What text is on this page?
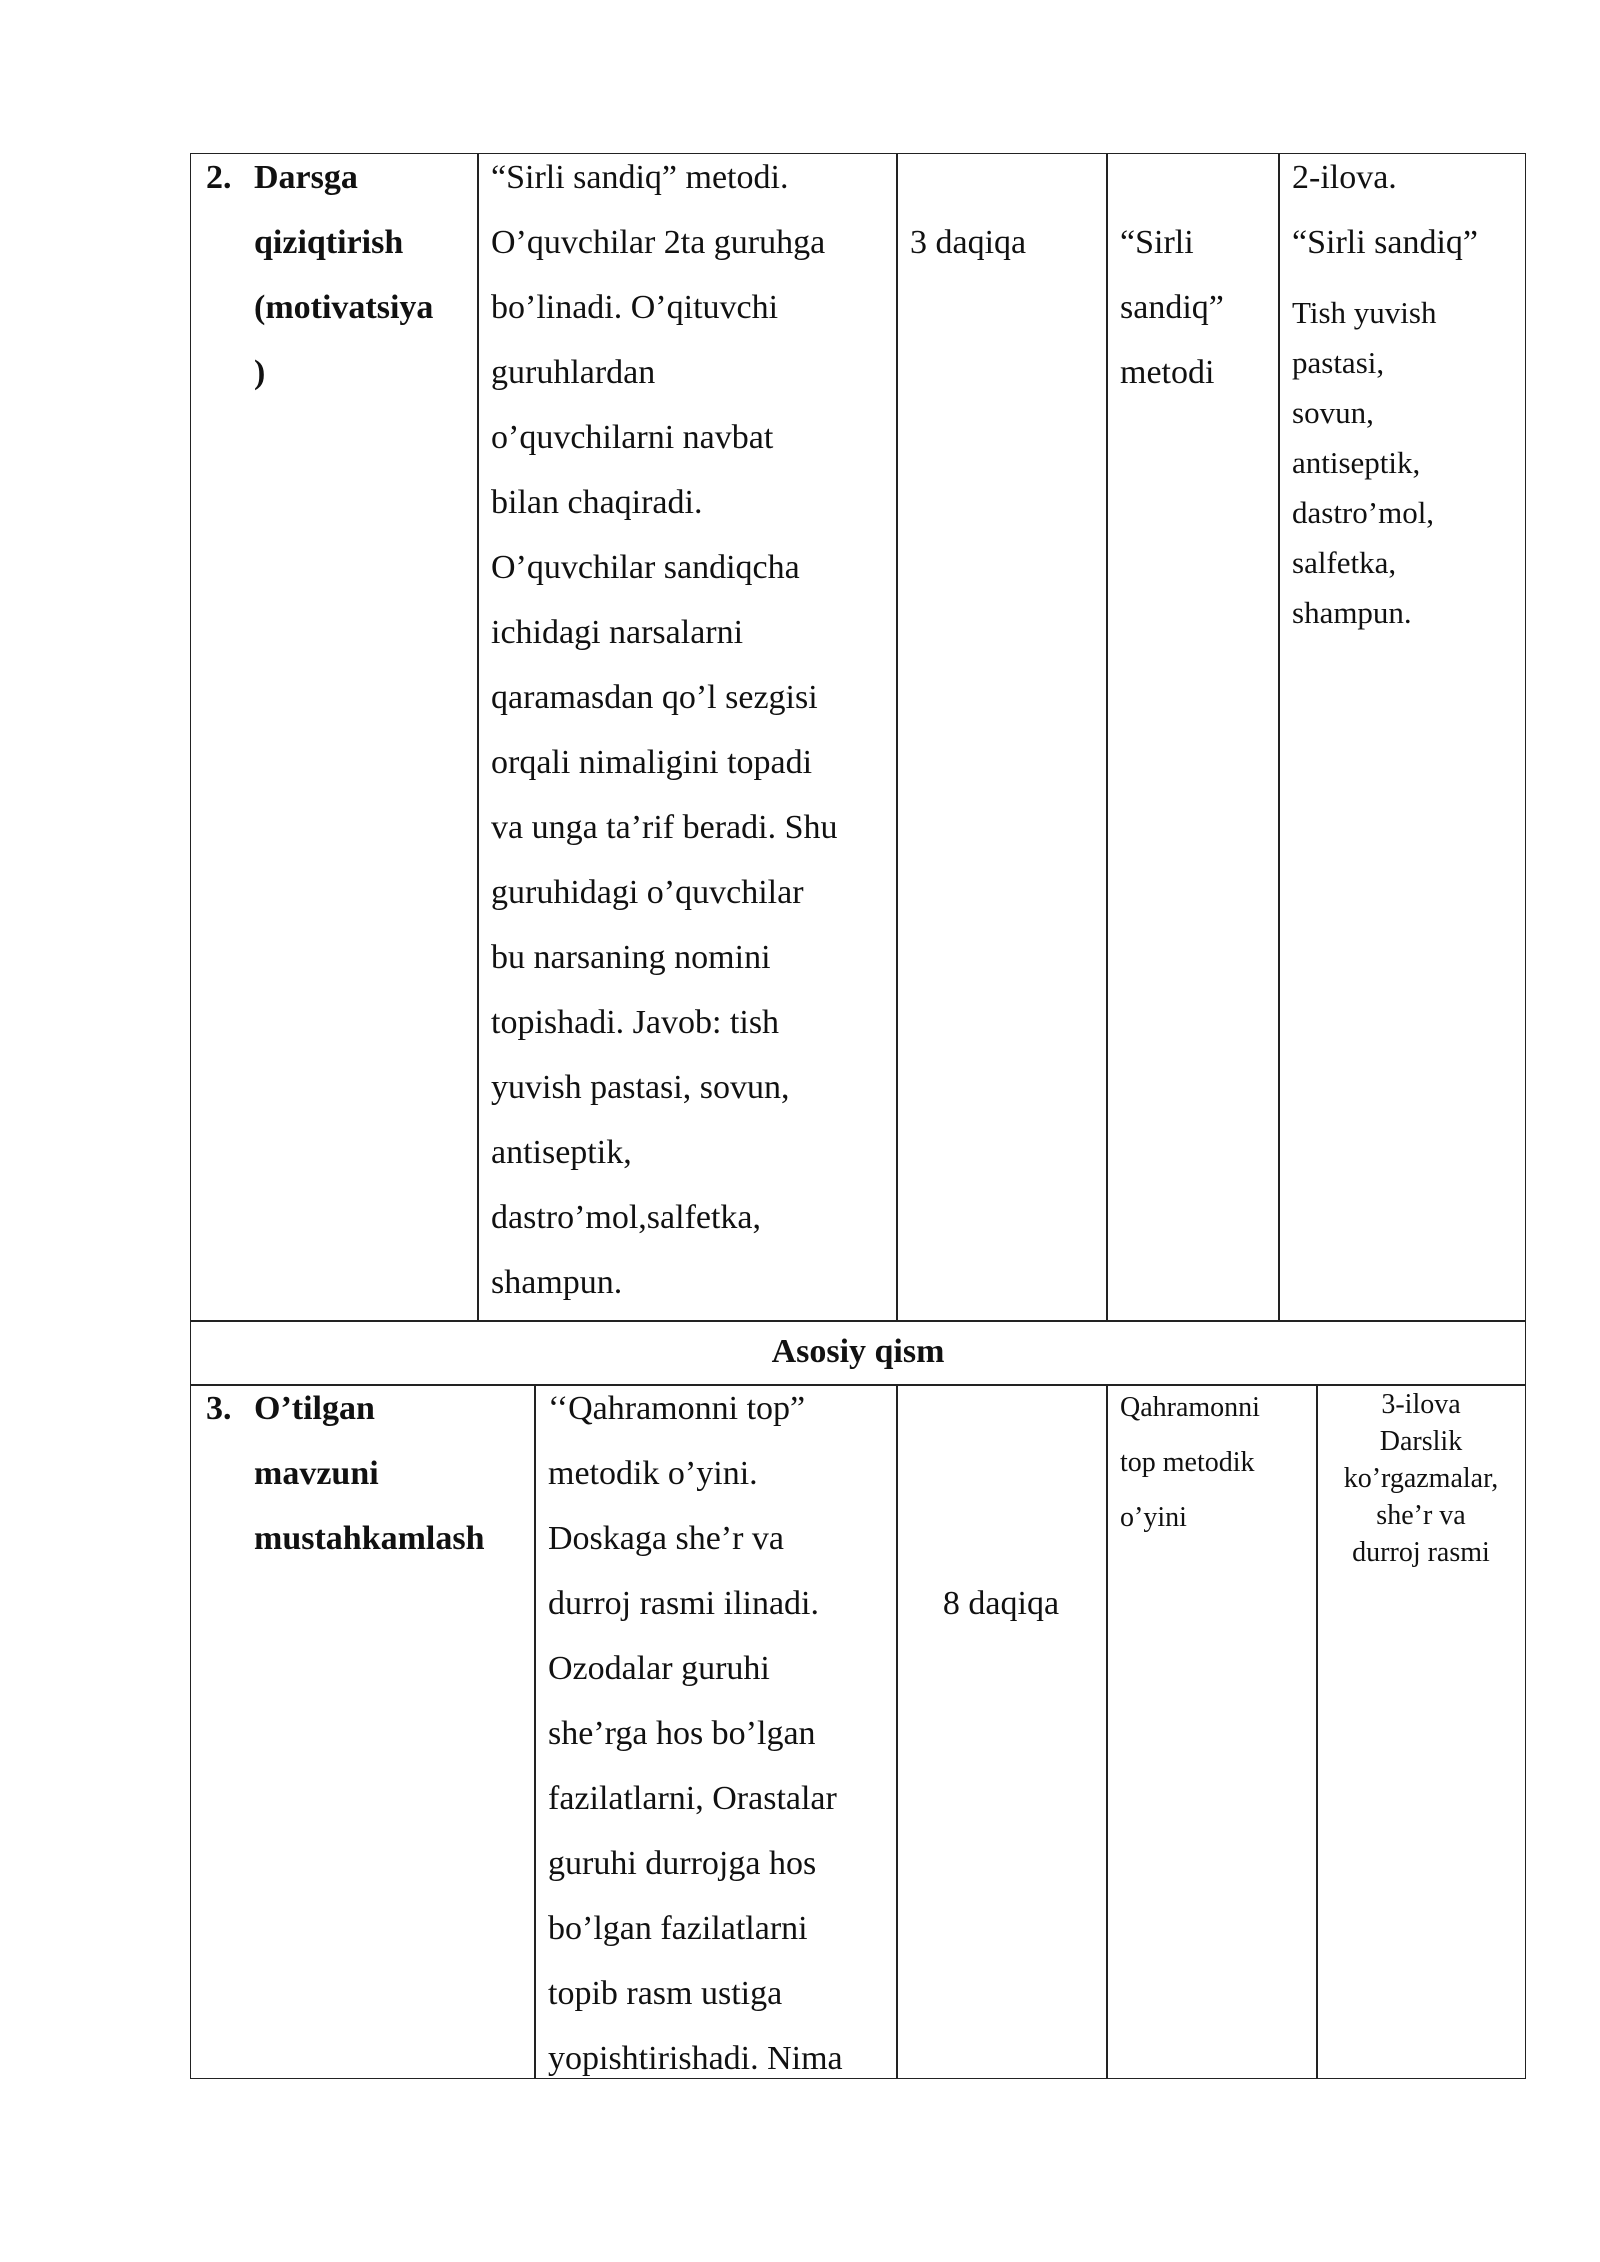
2. Darsga
qiziqtirish
(motivatsiya
)
“Sirli sandiq” metodi.
O’quvchilar 2ta guruhga
bo’linadi. O’qituvchi
guruhlardan
o’quvchilarni navbat
bilan chaqiradi.
O’quvchilar sandiqcha
ichidagi narsalarni
qaramasdan qo’l sezgisi
orqali nimaligini topadi
va unga ta’rif beradi. Shu
guruhidagi o’quvchilar
bu narsaning nomini
topishadi. Javob: tish
yuvish pastasi, sovun,
antiseptik,
dastro’mol,salfetka,
shampun.
3 daqiqa	“Sirli
sandiq”
metodi
2-ilova.
“Sirli sandiq”
Tish yuvish
pastasi,
sovun,
antiseptik,
dastro’mol,
salfetka,
shampun.
Asosiy qism
3. O’tilgan
mavzuni
mustahkamlash
‘‘Qahramonni top”
metodik o’yini.
Doskaga she’r va
durroj rasmi ilinadi.
Ozodalar guruhi
she’rga hos bo’lgan
fazilatlarni, Orastalar
guruhi durrojga hos
bo’lgan fazilatlarni
topib rasm ustiga
yopishtirishadi. Nima
8 daqiqa
Qahramonni
top metodik
o’yini
3-ilova
Darslik
ko’rgazmalar,
she’r va
durroj rasmi
